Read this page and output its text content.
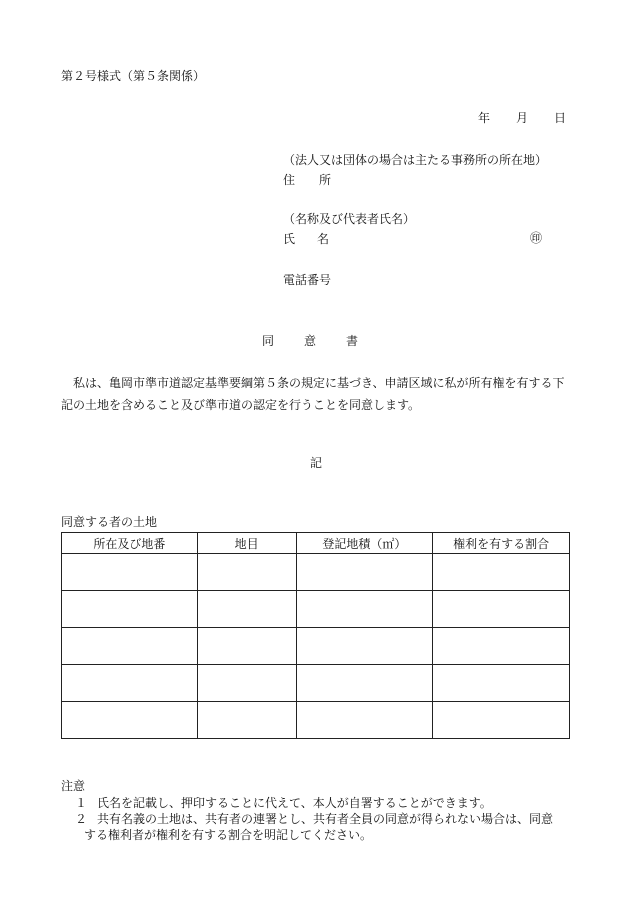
第２号様式（第５条関係）
年 月 日
（法人又は団体の場合は主たる事務所の所在地）
住 所
（名称及び代表者氏名）
氏 名	㊞
電話番号
同	意	書
私は、亀岡市準市道認定基準要綱第５条の規定に基づき、申請区域に私が所有権を有する下記の土地を含めること及び準市道の認定を行うことを同意します。
記
同意する者の土地
所在及び地番	地目	登記地積（㎡）	権利を有する割合

注意
１ 氏名を記載し、押印することに代えて、本人が自署することができます。
２ 共有名義の土地は、共有者の連署とし、共有者全員の同意が得られない場合は、同意
する権利者が権利を有する割合を明記してください。
